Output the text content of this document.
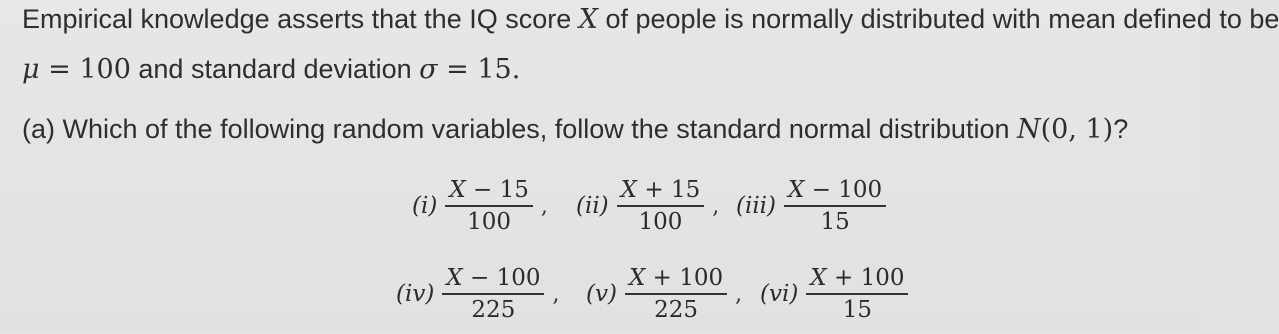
Empirical knowledge asserts that the IQ score X of people is normally distributed with mean defined to be
μ = 100 and standard deviation σ = 15.
(a) Which of the following random variables, follow the standard normal distribution N(0, 1)?
$(i) \frac{X - 15}{100}$ , $(ii) \frac{X + 15}{100}$ , $(iii) \frac{X - 100}{15}$
$(iv) \frac{X - 100}{225}$ , $(v) \frac{X + 100}{225}$ , $(vi) \frac{X + 100}{15}$
